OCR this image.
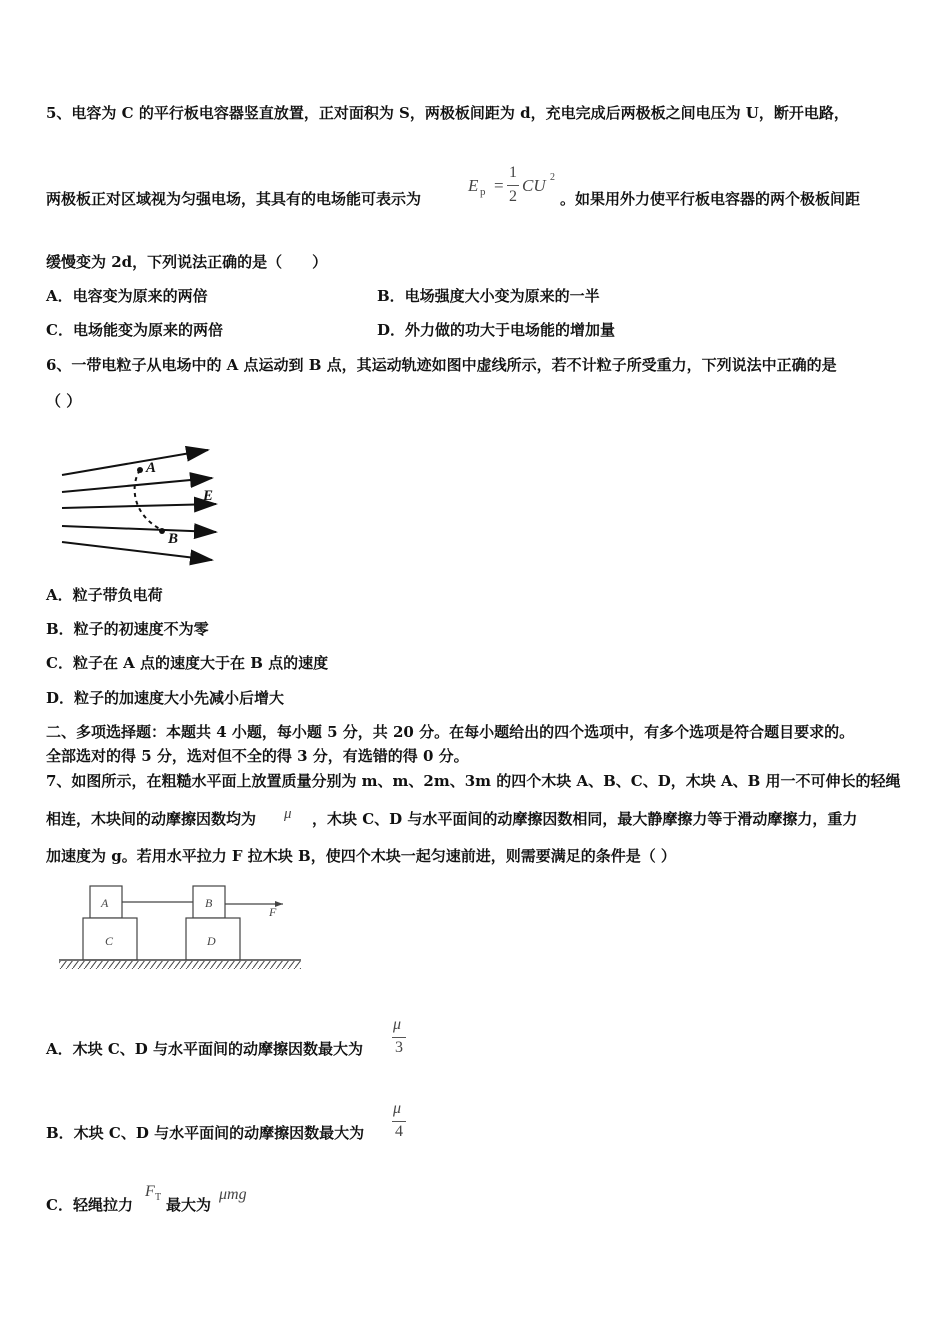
5、电容为 C 的平行板电容器竖直放置，正对面积为 S，两极板间距为 d，充电完成后两极板之间电压为 U，断开电路，
两极板正对区域视为匀强电场，其具有的电场能可表示为
E p =
1
2
CU 2
。如果用外力使平行板电容器的两个极板间距
缓慢变为 2d，下列说法正确的是（　　）
A．电容变为原来的两倍	B．电场强度大小变为原来的一半
C．电场能变为原来的两倍	D．外力做的功大于电场能的增加量
6、一带电粒子从电场中的 A 点运动到 B 点，其运动轨迹如图中虚线所示，若不计粒子所受重力，下列说法中正确的是
（ ）
A
B
E
A．粒子带负电荷
B．粒子的初速度不为零
C．粒子在 A 点的速度大于在 B 点的速度
D．粒子的加速度大小先减小后增大
二、多项选择题：本题共 4 小题，每小题 5 分，共 20 分。在每小题给出的四个选项中，有多个选项是符合题目要求的。
全部选对的得 5 分，选对但不全的得 3 分，有选错的得 0 分。
7、如图所示，在粗糙水平面上放置质量分别为 m、m、2m、3m 的四个木块 A、B、C、D，木块 A、B 用一不可伸长的轻绳
相连，木块间的动摩擦因数均为 μ ，木块 C、D 与水平面间的动摩擦因数相同，最大静摩擦力等于滑动摩擦力，重力
加速度为 g。若用水平拉力 F 拉木块 B，使四个木块一起匀速前进，则需要满足的条件是（ ）
A
C
B
D
F
A．木块 C、D 与水平面间的动摩擦因数最大为
μ
3
B．木块 C、D 与水平面间的动摩擦因数最大为
μ
4
C．轻绳拉力
F T 最大为
μmg
